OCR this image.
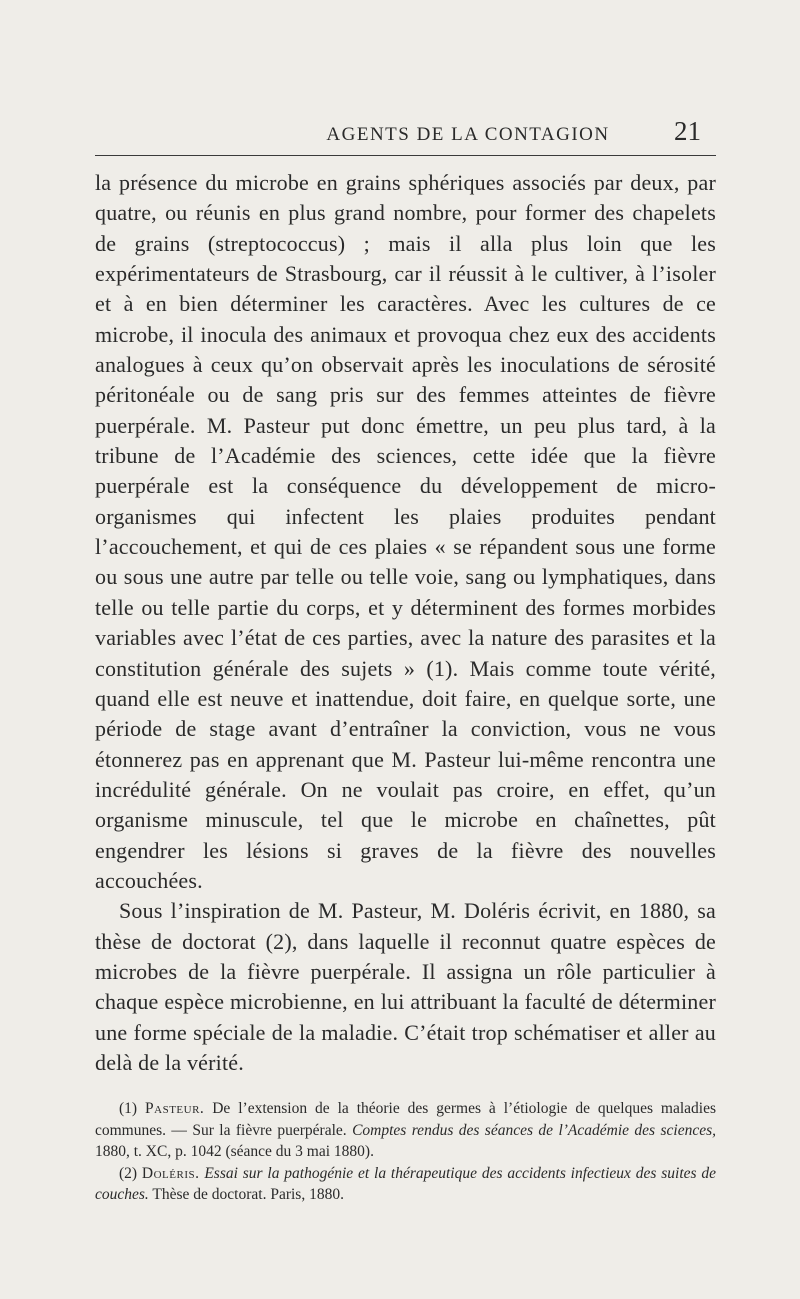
AGENTS DE LA CONTAGION	21

la présence du microbe en grains sphériques associés par deux, par quatre, ou réunis en plus grand nombre, pour former des chapelets de grains (streptococcus) ; mais il alla plus loin que les expérimentateurs de Strasbourg, car il réussit à le cultiver, à l’isoler et à en bien déterminer les caractères. Avec les cultures de ce microbe, il inocula des animaux et provoqua chez eux des accidents analogues à ceux qu’on observait après les inoculations de sérosité péritonéale ou de sang pris sur des femmes atteintes de fièvre puerpérale. M. Pasteur put donc émettre, un peu plus tard, à la tribune de l’Académie des sciences, cette idée que la fièvre puerpérale est la conséquence du développement de micro-organismes qui infectent les plaies produites pendant l’accouchement, et qui de ces plaies « se répandent sous une forme ou sous une autre par telle ou telle voie, sang ou lymphatiques, dans telle ou telle partie du corps, et y déterminent des formes morbides variables avec l’état de ces parties, avec la nature des parasites et la constitution générale des sujets » (1). Mais comme toute vérité, quand elle est neuve et inattendue, doit faire, en quelque sorte, une période de stage avant d’entraîner la conviction, vous ne vous étonnerez pas en apprenant que M. Pasteur lui-même rencontra une incrédulité générale. On ne voulait pas croire, en effet, qu’un organisme minuscule, tel que le microbe en chaînettes, pût engendrer les lésions si graves de la fièvre des nouvelles accouchées.

Sous l’inspiration de M. Pasteur, M. Doléris écrivit, en 1880, sa thèse de doctorat (2), dans laquelle il reconnut quatre espèces de microbes de la fièvre puerpérale. Il assigna un rôle particulier à chaque espèce microbienne, en lui attribuant la faculté de déterminer une forme spéciale de la maladie. C’était trop schématiser et aller au delà de la vérité.

(1) Pasteur. De l’extension de la théorie des germes à l’étiologie de quelques maladies communes. — Sur la fièvre puerpérale. Comptes rendus des séances de l’Académie des sciences, 1880, t. XC, p. 1042 (séance du 3 mai 1880).

(2) Doléris. Essai sur la pathogénie et la thérapeutique des accidents infectieux des suites de couches. Thèse de doctorat. Paris, 1880.
